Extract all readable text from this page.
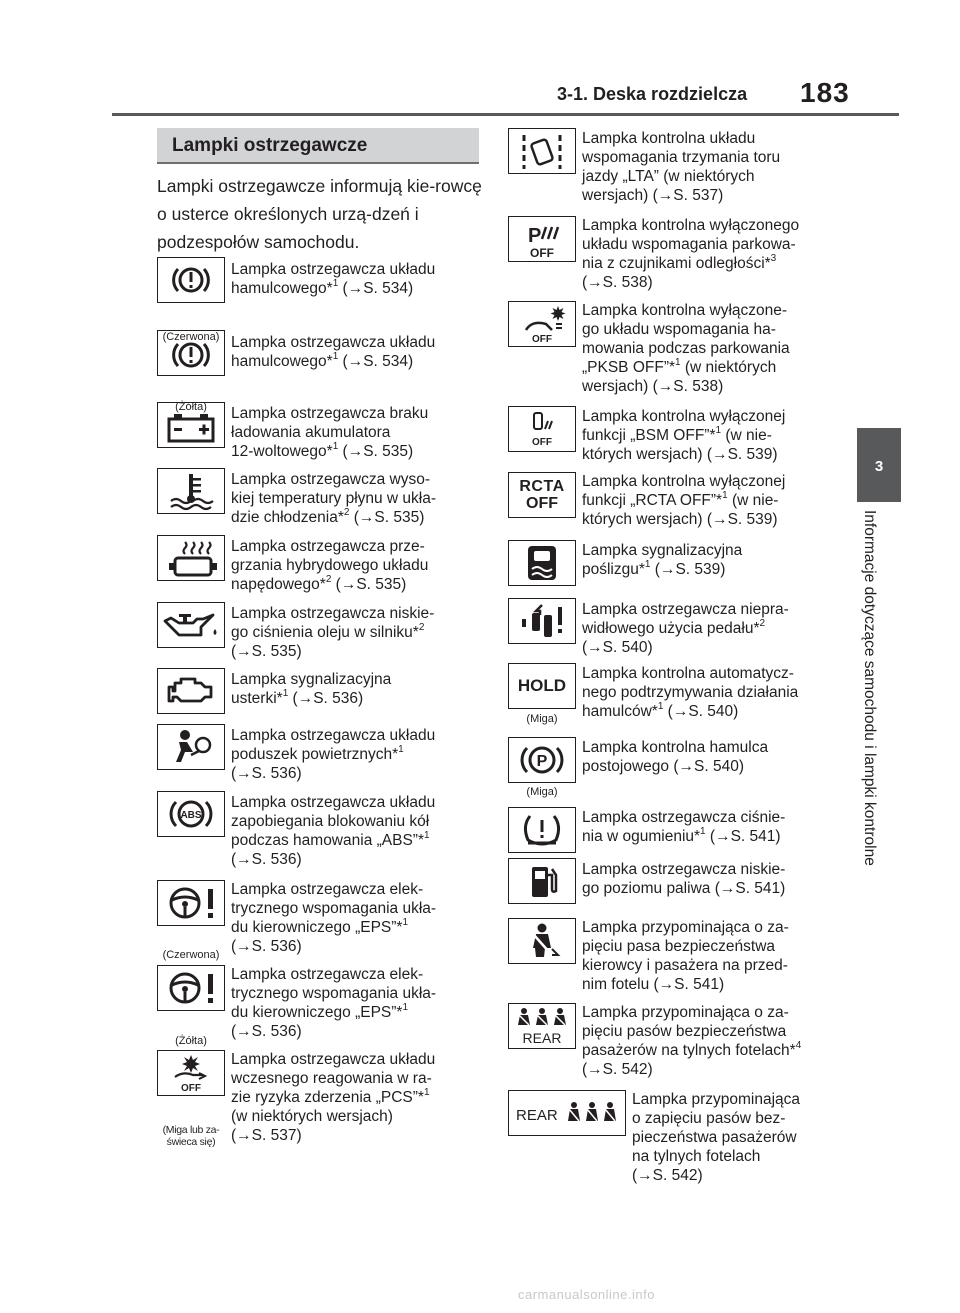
3-1. Deska rozdzielcza 183
3
Informacje dotyczące samochodu i lampki kontrolne
Lampki ostrzegawcze
Lampki ostrzegawcze informują kie-rowcę o usterce określonych urzą-dzeń i podzespołów samochodu.
Lampka ostrzegawcza układu
hamulcowego*$^1$ (→S. 534)
(Czerwona) Lampka ostrzegawcza układu
hamulcowego*$^1$ (→S. 534)
(Żółta)	Lampka ostrzegawcza braku
ładowania akumulatora
12-woltowego*$^1$ (→S. 535)
Lampka ostrzegawcza wyso-
kiej temperatury płynu w ukła-
dzie chłodzenia*$^2$ (→S. 535)
Lampka ostrzegawcza prze-
grzania hybrydowego układu
napędowego*$^2$ (→S. 535)
Lampka ostrzegawcza niskie-
go ciśnienia oleju w silniku*$^2$
(→S. 535)
Lampka sygnalizacyjna
usterki*$^1$ (→S. 536)
Lampka ostrzegawcza układu
poduszek powietrznych*$^1$
(→S. 536)
ABS
Lampka ostrzegawcza układu
zapobiegania blokowaniu kół
podczas hamowania „ABS”*$^1$
(→S. 536)
(Czerwona)
Lampka ostrzegawcza elek-
trycznego wspomagania ukła-
du kierowniczego „EPS”*$^1$
(→S. 536)
(Żółta)
Lampka ostrzegawcza elek-
trycznego wspomagania ukła-
du kierowniczego „EPS”*$^1$
(→S. 536)
OFF
(Miga lub za-świeca się)
Lampka ostrzegawcza układu
wczesnego reagowania w ra-
zie ryzyka zderzenia „PCS”*$^1$
(w niektórych wersjach)
(→S. 537)
Lampka kontrolna układu
wspomagania trzymania toru
jazdy „LTA” (w niektórych
wersjach) (→S. 537)
P
OFF
Lampka kontrolna wyłączonego
układu wspomagania parkowa-
nia z czujnikami odległości*$^3$
(→S. 538)
OFF
Lampka kontrolna wyłączone-
go układu wspomagania ha-
mowania podczas parkowania
„PKSB OFF”*$^1$ (w niektórych
wersjach) (→S. 538)
OFF
Lampka kontrolna wyłączonej
funkcji „BSM OFF”*$^1$ (w nie-
których wersjach) (→S. 539)
RCTA
OFF
Lampka kontrolna wyłączonej
funkcji „RCTA OFF”*$^1$ (w nie-
których wersjach) (→S. 539)
Lampka sygnalizacyjna
poślizgu*$^1$ (→S. 539)
Lampka ostrzegawcza niepra-
widłowego użycia pedału*$^2$
(→S. 540)
HOLD
(Miga)
Lampka kontrolna automatycz-
nego podtrzymywania działania
hamulców*$^1$ (→S. 540)
P
(Miga)
Lampka kontrolna hamulca
postojowego (→S. 540)
Lampka ostrzegawcza ciśnie-
nia w ogumieniu*$^1$ (→S. 541)
Lampka ostrzegawcza niskie-
go poziomu paliwa (→S. 541)
Lampka przypominająca o za-
pięciu pasa bezpieczeństwa
kierowcy i pasażera na przed-
nim fotelu (→S. 541)
REAR
Lampka przypominająca o za-
pięciu pasów bezpieczeństwa
pasażerów na tylnych fotelach*$^4$
(→S. 542)
REAR
Lampka przypominająca
o zapięciu pasów bez-
pieczeństwa pasażerów
na tylnych fotelach
(→S. 542)
carmanualsonline.info
